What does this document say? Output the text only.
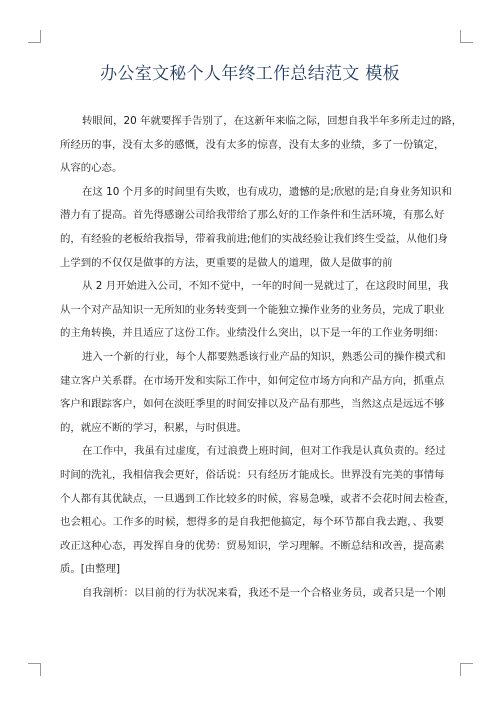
办公室文秘个人年终工作总结范文 模板

转眼间，20 年就要挥手告别了，在这新年来临之际，回想自我半年多所走过的路，
所经历的事，没有太多的感慨，没有太多的惊喜，没有太多的业绩，多了一份镇定，
从容的心态。

在这 10 个月多的时间里有失败，也有成功，遗憾的是;欣慰的是;自身业务知识和
潜力有了提高。首先得感谢公司给我带给了那么好的工作条件和生活环境，有那么好
的，有经验的老板给我指导，带着我前进;他们的实战经验让我们终生受益，从他们身
上学到的不仅仅是做事的方法，更重要的是做人的道理，做人是做事的前

从 2 月开始进入公司，不知不觉中，一年的时间一晃就过了，在这段时间里，我
从一个对产品知识一无所知的业务转变到一个能独立操作业务的业务员，完成了职业
的主角转换，并且适应了这份工作。业绩没什么突出，以下是一年的工作业务明细：

进入一个新的行业，每个人都要熟悉该行业产品的知识，熟悉公司的操作模式和
建立客户关系群。在市场开发和实际工作中，如何定位市场方向和产品方向，抓重点
客户和跟踪客户，如何在淡旺季里的时间安排以及产品有那些，当然这点是远远不够
的，就应不断的学习，积累，与时俱进。

在工作中，我虽有过虚度，有过浪费上班时间，但对工作我是认真负责的。经过
时间的洗礼，我相信我会更好，俗话说：只有经历才能成长。世界没有完美的事情每
个人都有其优缺点，一旦遇到工作比较多的时候，容易急噪，或者不会花时间去检查，
也会粗心。工作多的时候，想得多的是自我把他搞定，每个环节都自我去跑，、我要
改正这种心态，再发挥自身的优势：贸易知识，学习理解。不断总结和改善，提高素
质。[由整理]

自我剖析：以目前的行为状况来看，我还不是一个合格业务员，或者只是一个刚
